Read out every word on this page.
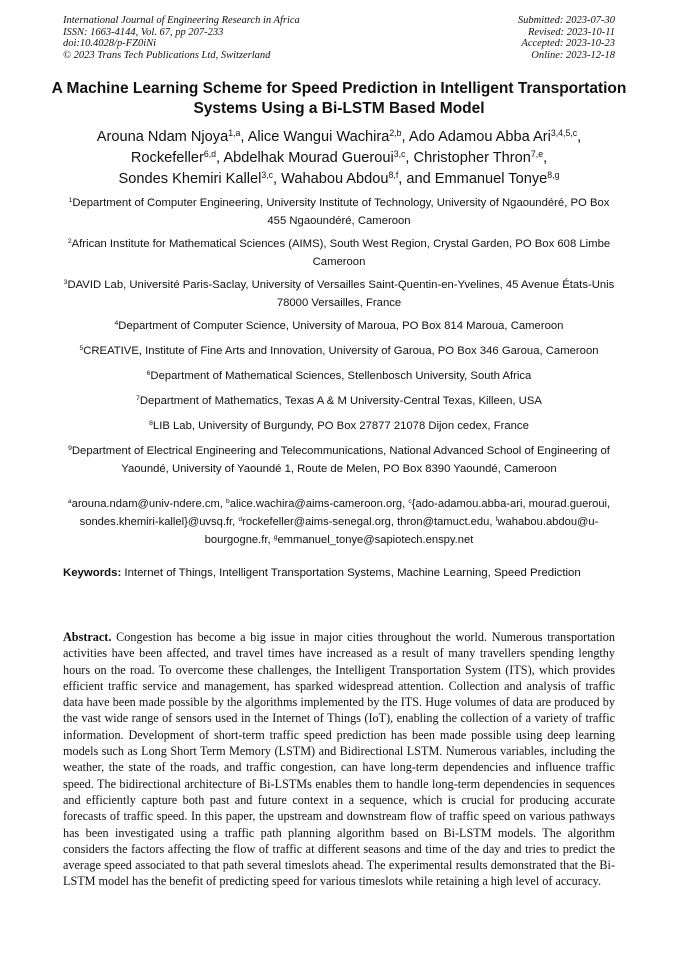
International Journal of Engineering Research in Africa
ISSN: 1663-4144, Vol. 67, pp 207-233
doi:10.4028/p-FZ0iNi
© 2023 Trans Tech Publications Ltd, Switzerland
Submitted: 2023-07-30
Revised: 2023-10-11
Accepted: 2023-10-23
Online: 2023-12-18
A Machine Learning Scheme for Speed Prediction in Intelligent Transportation Systems Using a Bi-LSTM Based Model
Arouna Ndam Njoya$^{1,a}$, Alice Wangui Wachira$^{2,b}$, Ado Adamou Abba Ari$^{3,4,5,c}$,
Rockefeller$^{6,d}$, Abdelhak Mourad Gueroui$^{3,c}$, Christopher Thron$^{7,e}$,
Sondes Khemiri Kallel$^{3,c}$, Wahabou Abdou$^{8,f}$, and Emmanuel Tonye$^{8,g}$
$^1$Department of Computer Engineering, University Institute of Technology, University of Ngaoundéré, PO Box 455 Ngaoundéré, Cameroon
$^2$African Institute for Mathematical Sciences (AIMS), South West Region, Crystal Garden, PO Box 608 Limbe Cameroon
$^3$DAVID Lab, Université Paris-Saclay, University of Versailles Saint-Quentin-en-Yvelines, 45 Avenue États-Unis 78000 Versailles, France
$^4$Department of Computer Science, University of Maroua, PO Box 814 Maroua, Cameroon
$^5$CREATIVE, Institute of Fine Arts and Innovation, University of Garoua, PO Box 346 Garoua, Cameroon
$^6$Department of Mathematical Sciences, Stellenbosch University, South Africa
$^7$Department of Mathematics, Texas A & M University-Central Texas, Killeen, USA
$^8$LIB Lab, University of Burgundy, PO Box 27877 21078 Dijon cedex, France
$^9$Department of Electrical Engineering and Telecommunications, National Advanced School of Engineering of Yaoundé, University of Yaoundé 1, Route de Melen, PO Box 8390 Yaoundé, Cameroon
$^a$arouna.ndam@univ-ndere.cm, $^b$alice.wachira@aims-cameroon.org, $^c${ado-adamou.abba-ari, mourad.gueroui, sondes.khemiri-kallel}@uvsq.fr, $^d$rockefeller@aims-senegal.org, thron@tamuct.edu, $^f$wahabou.abdou@u-bourgogne.fr, $^g$emmanuel_tonye@sapiotech.enspy.net
Keywords: Internet of Things, Intelligent Transportation Systems, Machine Learning, Speed Prediction
Abstract. Congestion has become a big issue in major cities throughout the world. Numerous transportation activities have been affected, and travel times have increased as a result of many travellers spending lengthy hours on the road. To overcome these challenges, the Intelligent Transportation System (ITS), which provides efficient traffic service and management, has sparked widespread attention. Collection and analysis of traffic data have been made possible by the algorithms implemented by the ITS. Huge volumes of data are produced by the vast wide range of sensors used in the Internet of Things (IoT), enabling the collection of a variety of traffic information. Development of short-term traffic speed prediction has been made possible using deep learning models such as Long Short Term Memory (LSTM) and Bidirectional LSTM. Numerous variables, including the weather, the state of the roads, and traffic congestion, can have long-term dependencies and influence traffic speed. The bidirectional architecture of Bi-LSTMs enables them to handle long-term dependencies in sequences and efficiently capture both past and future context in a sequence, which is crucial for producing accurate forecasts of traffic speed. In this paper, the upstream and downstream flow of traffic speed on various pathways has been investigated using a traffic path planning algorithm based on Bi-LSTM models. The algorithm considers the factors affecting the flow of traffic at different seasons and time of the day and tries to predict the average speed associated to that path several timeslots ahead. The experimental results demonstrated that the Bi-LSTM model has the benefit of predicting speed for various timeslots while retaining a high level of accuracy.
